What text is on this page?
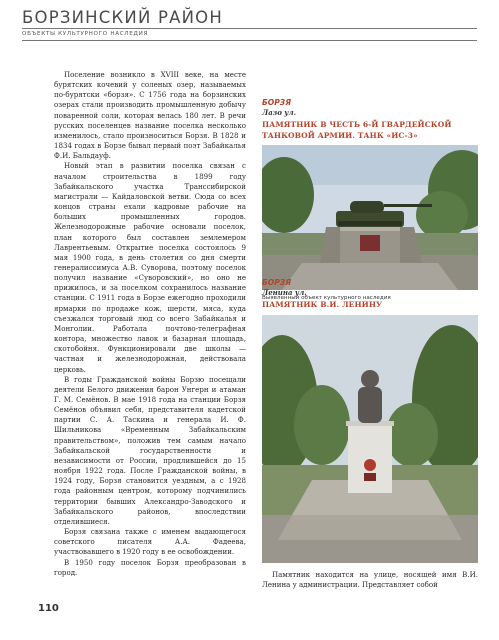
БОРЗИНСКИЙ РАЙОН
ОБЪЕКТЫ КУЛЬТУРНОГО НАСЛЕДИЯ

Поселение возникло в XVIII веке, на месте бурятских кочевий у соленых озер, называемых по-бурятски «борзя». С 1756 года на борзинских озерах стали производить промышленную добычу поваренной соли, которая велась 180 лет. В речи русских поселенцев название поселка несколько изменилось, стало произноситься Борзя. В 1828 и 1834 годах в Борзе бывал первый поэт Забайкалья Ф.И. Бальдауф.

Новый этап в развитии поселка связан с началом строительства в 1899 году Забайкальского участка Транссибирской магистрали — Кайдаловской ветви. Сюда со всех концов страны ехали кадровые рабочие на больших промышленных городов. Железнодорожные рабочие основали поселок, план которого был составлен землемером Лаврентьевым. Открытие поселка состоялось 9 мая 1900 года, в день столетия со дня смерти генералиссимуса А.В. Суворова, поэтому поселок получил название «Суворовский», но оно не прижилось, и за поселком сохранилось название станции. С 1911 года в Борзе ежегодно проходили ярмарки по продаже кож, шерсти, мяса, куда съезжался торговый люд со всего Забайкалья и Монголии. Работала почтово-телеграфная контора, множество лавок и базарная площадь, скотобойня. Функционировали две школы — частная и железнодорожная, действовала церковь.

В годы Гражданской войны Борзю посещали деятели Белого движения барон Унгерн и атаман Г. М. Семёнов. В мае 1918 года на станции Борзя Семёнов объявил себя, представителя кадетской партии С. А. Таскина и генерала И. Ф. Шильникова «Временным Забайкальским правительством», положив тем самым начало Забайкальской государственности и независимости от России, продлившейся до 15 ноября 1922 года. После Гражданской войны, в 1924 году, Борзя становится уездным, а с 1928 года районным центром, которому подчинились территории бывших Александро-Заводского и Забайкальского районов, впоследствии отделившиеся.

Борзя связана также с именем выдающегося советского писателя А.А. Фадеева, участвовавшего в 1920 году в ее освобождении.

В 1950 году поселок Борзя преобразован в город.

БОРЗЯ
Лазо ул.
ПАМЯТНИК В ЧЕСТЬ 6-Й ГВАРДЕЙСКОЙ ТАНКОВОЙ АРМИИ. ТАНК «ИС-3»
Выявленный объект культурного наследия
БОРЗЯ
Ленина ул.
ПАМЯТНИК В.И. ЛЕНИНУ

Памятник находится на улице, носящей имя В.И. Ленина у администрации. Представляет собой

110
